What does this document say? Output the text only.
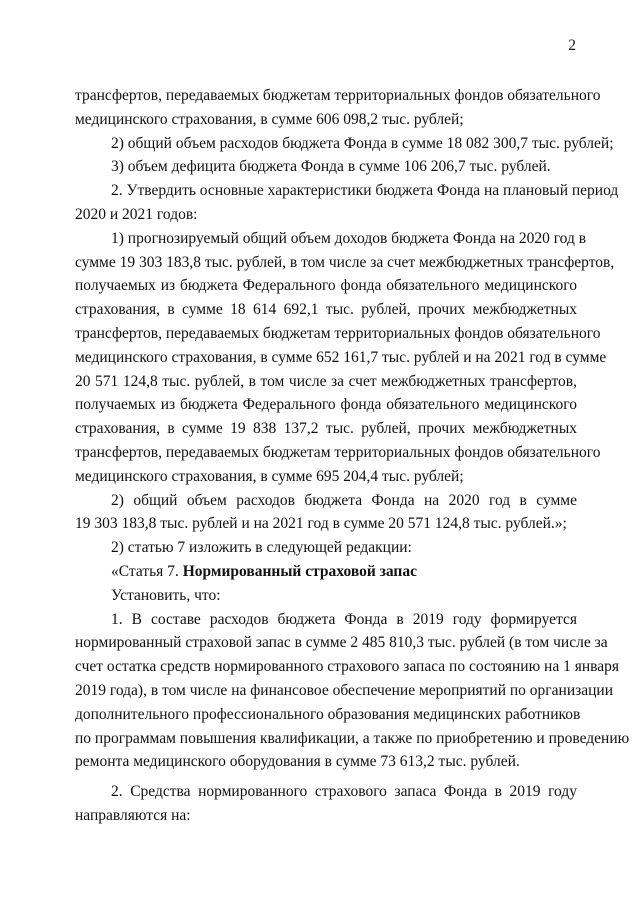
2
трансфертов, передаваемых бюджетам территориальных фондов обязательного
медицинского страхования, в сумме 606 098,2 тыс. рублей;
2) общий объем расходов бюджета Фонда в сумме 18 082 300,7 тыс. рублей;
3) объем дефицита бюджета Фонда в сумме 106 206,7 тыс. рублей.
2. Утвердить основные характеристики бюджета Фонда на плановый период
2020 и 2021 годов:
1) прогнозируемый общий объем доходов бюджета Фонда на 2020 год в
сумме 19 303 183,8 тыс. рублей, в том числе за счет межбюджетных трансфертов,
получаемых из бюджета Федерального фонда обязательного медицинского
страхования, в сумме 18 614 692,1 тыс. рублей, прочих межбюджетных
трансфертов, передаваемых бюджетам территориальных фондов обязательного
медицинского страхования, в сумме 652 161,7 тыс. рублей и на 2021 год в сумме
20 571 124,8 тыс. рублей, в том числе за счет межбюджетных трансфертов,
получаемых из бюджета Федерального фонда обязательного медицинского
страхования, в сумме 19 838 137,2 тыс. рублей, прочих межбюджетных
трансфертов, передаваемых бюджетам территориальных фондов обязательного
медицинского страхования, в сумме 695 204,4 тыс. рублей;
2) общий объем расходов бюджета Фонда на 2020 год в сумме
19 303 183,8 тыс. рублей и на 2021 год в сумме 20 571 124,8 тыс. рублей.»;
2) статью 7 изложить в следующей редакции:
«Статья 7. Нормированный страховой запас
Установить, что:
1. В составе расходов бюджета Фонда в 2019 году формируется
нормированный страховой запас в сумме 2 485 810,3 тыс. рублей (в том числе за
счет остатка средств нормированного страхового запаса по состоянию на 1 января
2019 года), в том числе на финансовое обеспечение мероприятий по организации
дополнительного профессионального образования медицинских работников
по программам повышения квалификации, а также по приобретению и проведению
ремонта медицинского оборудования в сумме 73 613,2 тыс. рублей.
2. Средства нормированного страхового запаса Фонда в 2019 году
направляются на:
